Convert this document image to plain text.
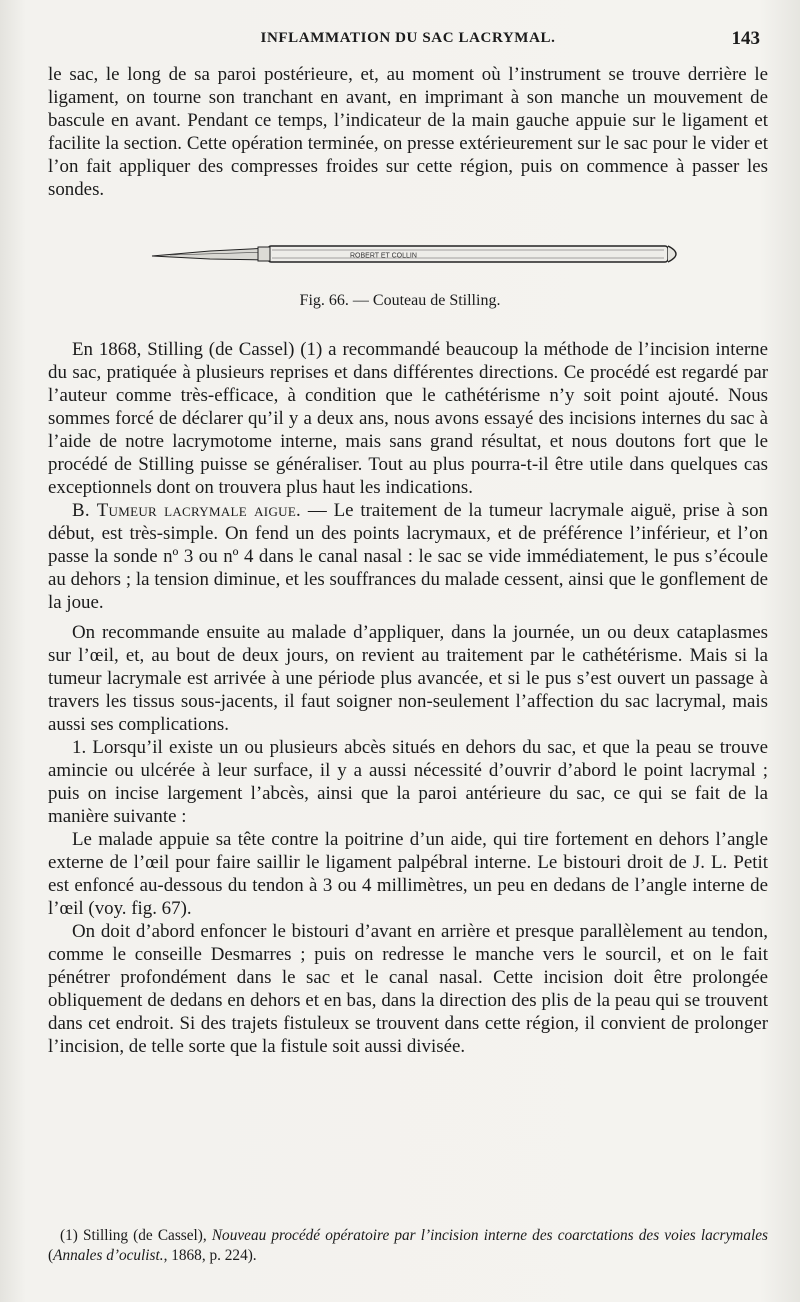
INFLAMMATION DU SAC LACRYMAL.	143

le sac, le long de sa paroi postérieure, et, au moment où l’instrument se trouve derrière le ligament, on tourne son tranchant en avant, en imprimant à son manche un mouvement de bascule en avant. Pendant ce temps, l’indicateur de la main gauche appuie sur le ligament et facilite la section. Cette opération terminée, on presse extérieurement sur le sac pour le vider et l’on fait appliquer des compresses froides sur cette région, puis on commence à passer les sondes.

ROBERT ET COLLIN
Fig. 66. — Couteau de Stilling.

En 1868, Stilling (de Cassel) (1) a recommandé beaucoup la méthode de l’incision interne du sac, pratiquée à plusieurs reprises et dans différentes directions. Ce procédé est regardé par l’auteur comme très-efficace, à condition que le cathétérisme n’y soit point ajouté. Nous sommes forcé de déclarer qu’il y a deux ans, nous avons essayé des incisions internes du sac à l’aide de notre lacrymotome interne, mais sans grand résultat, et nous doutons fort que le procédé de Stilling puisse se généraliser. Tout au plus pourra-t-il être utile dans quelques cas exceptionnels dont on trouvera plus haut les indications.

B. Tumeur lacrymale aigue. — Le traitement de la tumeur lacrymale aiguë, prise à son début, est très-simple. On fend un des points lacrymaux, et de préférence l’inférieur, et l’on passe la sonde nº 3 ou nº 4 dans le canal nasal : le sac se vide immédiatement, le pus s’écoule au dehors ; la tension diminue, et les souffrances du malade cessent, ainsi que le gonflement de la joue.

On recommande ensuite au malade d’appliquer, dans la journée, un ou deux cataplasmes sur l’œil, et, au bout de deux jours, on revient au traitement par le cathétérisme. Mais si la tumeur lacrymale est arrivée à une période plus avancée, et si le pus s’est ouvert un passage à travers les tissus sous-jacents, il faut soigner non-seulement l’affection du sac lacrymal, mais aussi ses complications.

1. Lorsqu’il existe un ou plusieurs abcès situés en dehors du sac, et que la peau se trouve amincie ou ulcérée à leur surface, il y a aussi nécessité d’ouvrir d’abord le point lacrymal ; puis on incise largement l’abcès, ainsi que la paroi antérieure du sac, ce qui se fait de la manière suivante :

Le malade appuie sa tête contre la poitrine d’un aide, qui tire fortement en dehors l’angle externe de l’œil pour faire saillir le ligament palpébral interne. Le bistouri droit de J. L. Petit est enfoncé au-dessous du tendon à 3 ou 4 millimètres, un peu en dedans de l’angle interne de l’œil (voy. fig. 67).

On doit d’abord enfoncer le bistouri d’avant en arrière et presque parallèlement au tendon, comme le conseille Desmarres ; puis on redresse le manche vers le sourcil, et on le fait pénétrer profondément dans le sac et le canal nasal. Cette incision doit être prolongée obliquement de dedans en dehors et en bas, dans la direction des plis de la peau qui se trouvent dans cet endroit. Si des trajets fistuleux se trouvent dans cette région, il convient de prolonger l’incision, de telle sorte que la fistule soit aussi divisée.

(1) Stilling (de Cassel), Nouveau procédé opératoire par l’incision interne des coarctations des voies lacrymales (Annales d’oculist., 1868, p. 224).
